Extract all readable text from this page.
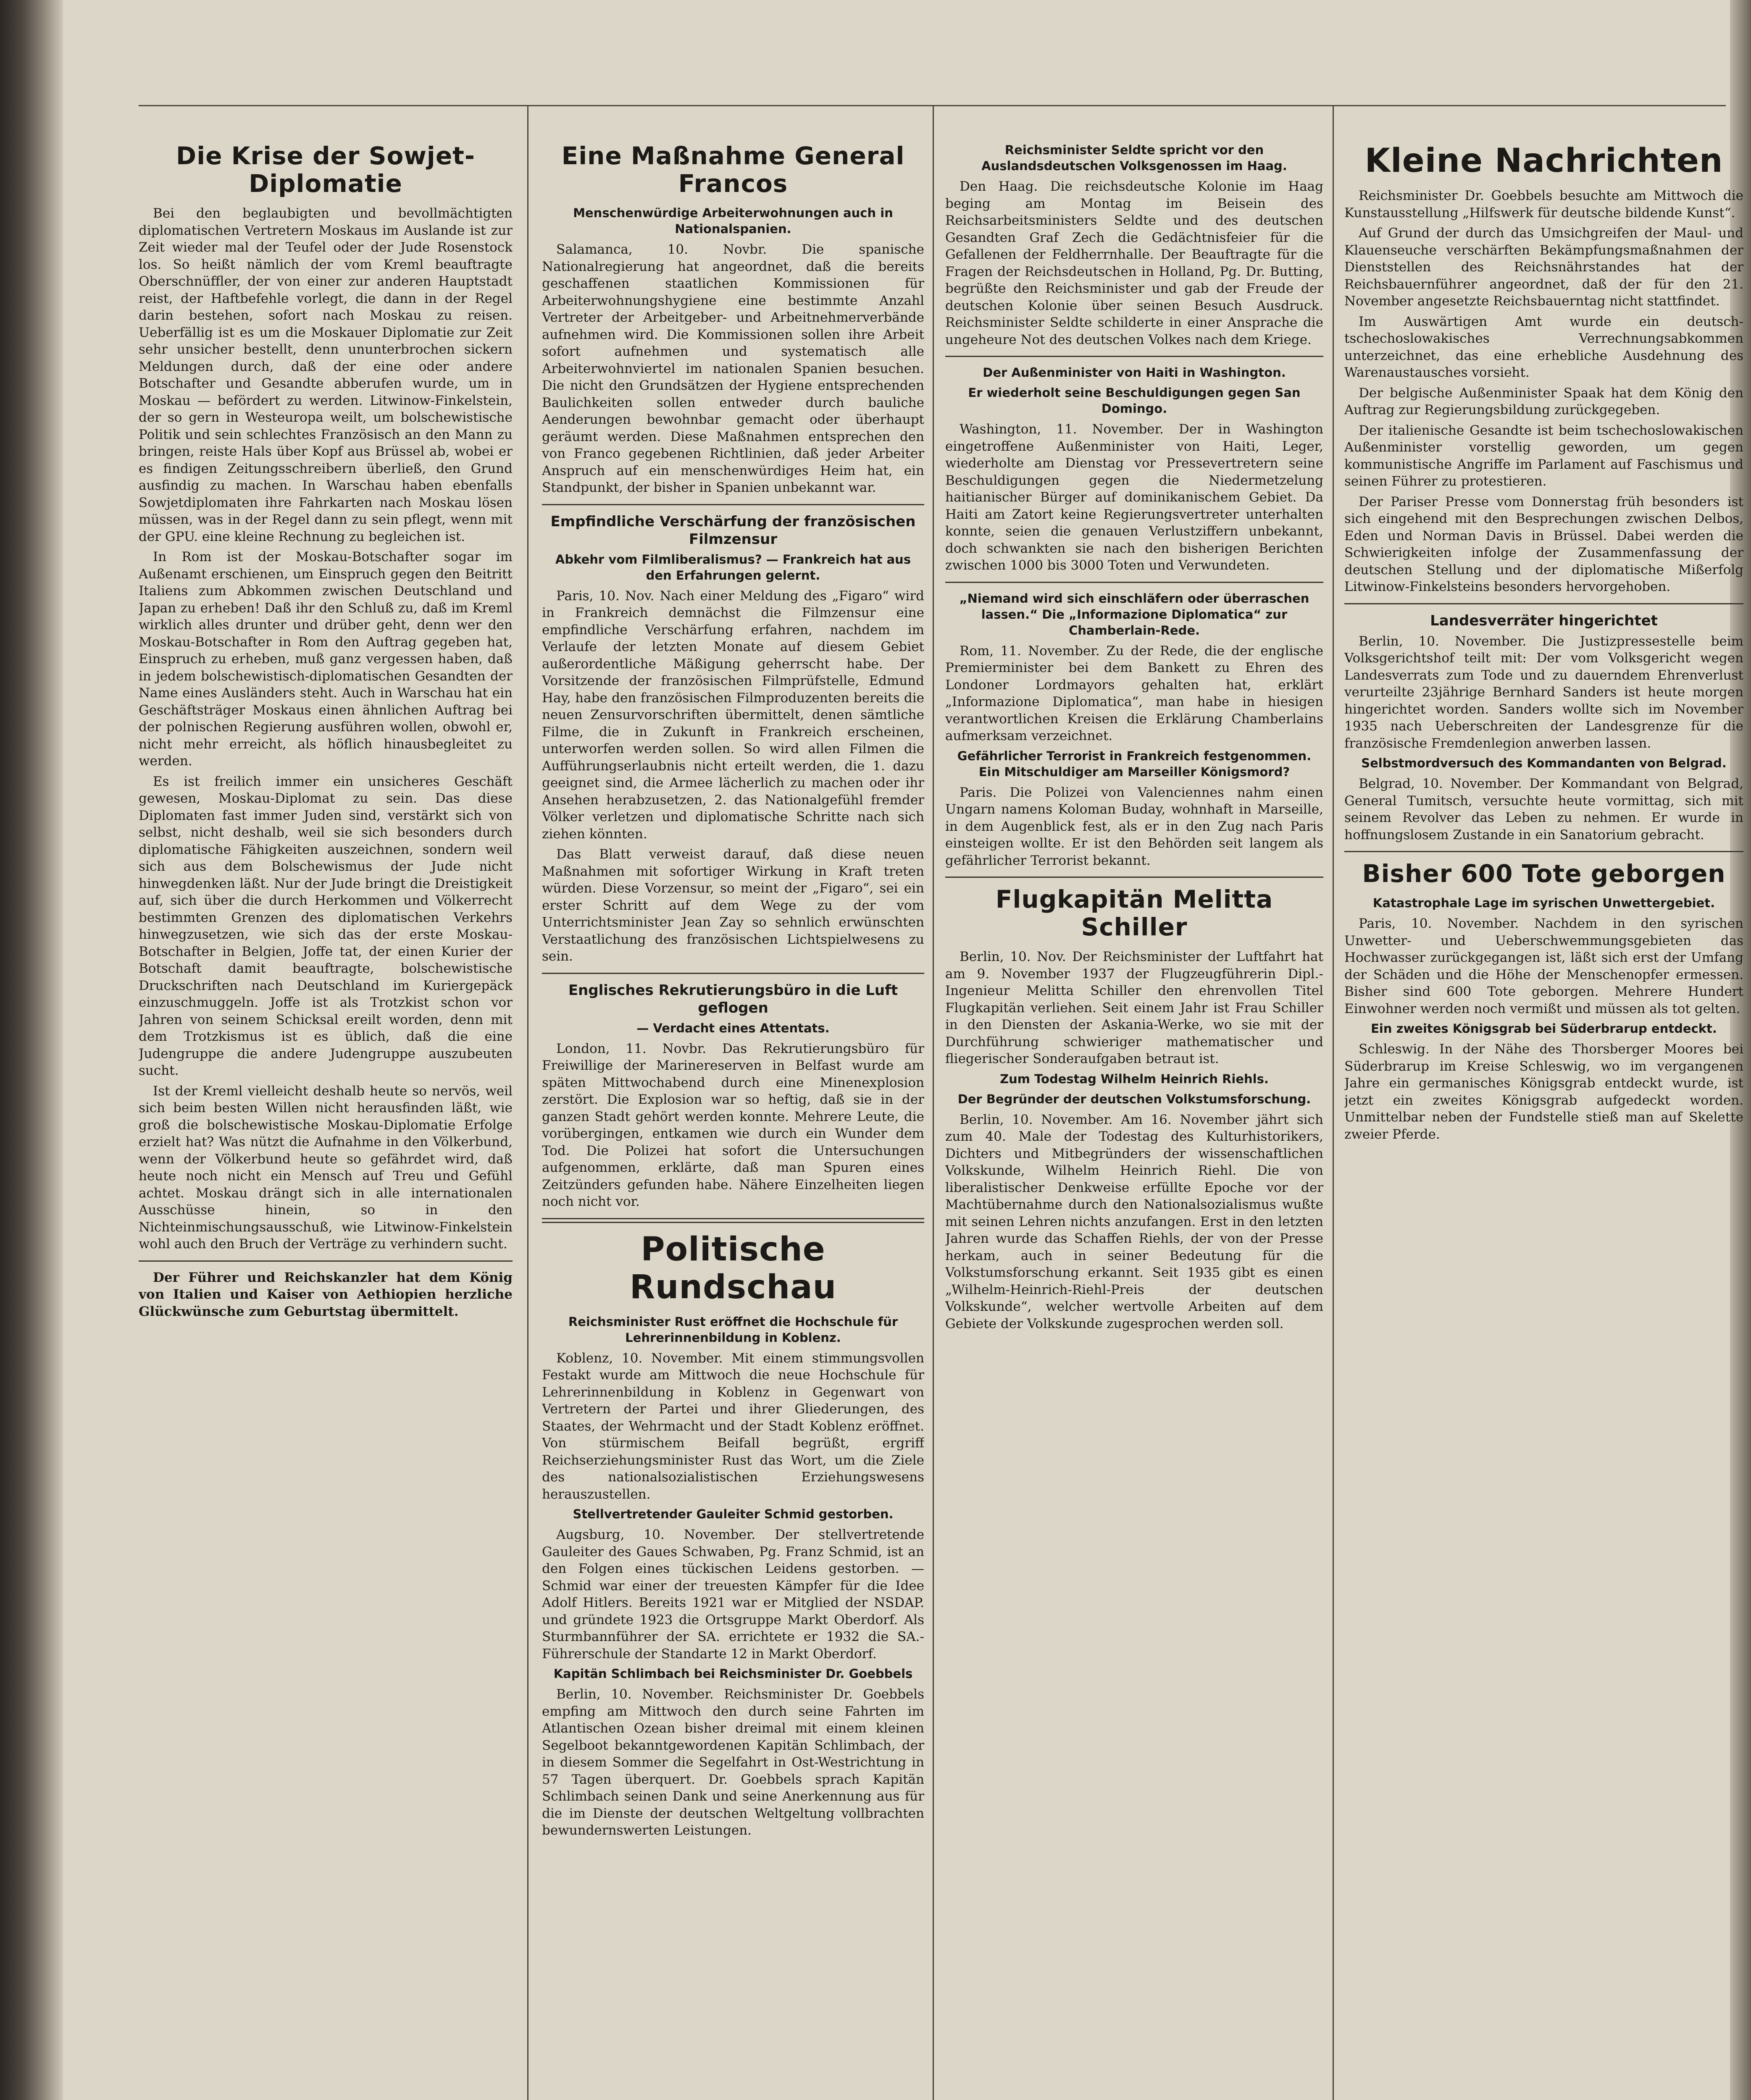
Die Krise der Sowjet-Diplomatie

Bei den beglaubigten und bevollmächtigten diplomatischen Vertretern Moskaus im Auslande ist zur Zeit wieder mal der Teufel oder der Jude Rosenstock los. So heißt nämlich der vom Kreml beauftragte Oberschnüffler, der von einer zur anderen Hauptstadt reist, der Haftbefehle vorlegt, die dann in der Regel darin bestehen, sofort nach Moskau zu reisen. Ueberfällig ist es um die Moskauer Diplomatie zur Zeit sehr unsicher bestellt, denn ununterbrochen sickern Meldungen durch, daß der eine oder andere Botschafter und Gesandte abberufen wurde, um in Moskau — befördert zu werden. Litwinow-Finkelstein, der so gern in Westeuropa weilt, um bolschewistische Politik und sein schlechtes Französisch an den Mann zu bringen, reiste Hals über Kopf aus Brüssel ab, wobei er es findigen Zeitungsschreibern überließ, den Grund ausfindig zu machen. In Warschau haben ebenfalls Sowjetdiplomaten ihre Fahrkarten nach Moskau lösen müssen, was in der Regel dann zu sein pflegt, wenn mit der GPU. eine kleine Rechnung zu begleichen ist.

In Rom ist der Moskau-Botschafter sogar im Außenamt erschienen, um Einspruch gegen den Beitritt Italiens zum Abkommen zwischen Deutschland und Japan zu erheben! Daß ihr den Schluß zu, daß im Kreml wirklich alles drunter und drüber geht, denn wer den Moskau-Botschafter in Rom den Auftrag gegeben hat, Einspruch zu erheben, muß ganz vergessen haben, daß in jedem bolschewistisch-diplomatischen Gesandten der Name eines Ausländers steht. Auch in Warschau hat ein Geschäftsträger Moskaus einen ähnlichen Auftrag bei der polnischen Regierung ausführen wollen, obwohl er, nicht mehr erreicht, als höflich hinausbegleitet zu werden.

Es ist freilich immer ein unsicheres Geschäft gewesen, Moskau-Diplomat zu sein. Das diese Diplomaten fast immer Juden sind, verstärkt sich von selbst, nicht deshalb, weil sie sich besonders durch diplomatische Fähigkeiten auszeichnen, sondern weil sich aus dem Bolschewismus der Jude nicht hinwegdenken läßt. Nur der Jude bringt die Dreistigkeit auf, sich über die durch Herkommen und Völkerrecht bestimmten Grenzen des diplomatischen Verkehrs hinwegzusetzen, wie sich das der erste Moskau-Botschafter in Belgien, Joffe tat, der einen Kurier der Botschaft damit beauftragte, bolschewistische Druckschriften nach Deutschland im Kuriergepäck einzuschmuggeln. Joffe ist als Trotzkist schon vor Jahren von seinem Schicksal ereilt worden, denn mit dem Trotzkismus ist es üblich, daß die eine Judengruppe die andere Judengruppe auszubeuten sucht.

Ist der Kreml vielleicht deshalb heute so nervös, weil sich beim besten Willen nicht herausfinden läßt, wie groß die bolschewistische Moskau-Diplomatie Erfolge erzielt hat? Was nützt die Aufnahme in den Völkerbund, wenn der Völkerbund heute so gefährdet wird, daß heute noch nicht ein Mensch auf Treu und Gefühl achtet. Moskau drängt sich in alle internationalen Ausschüsse hinein, so in den Nichteinmischungsausschuß, wie Litwinow-Finkelstein wohl auch den Bruch der Verträge zu verhindern sucht.

Der Führer und Reichskanzler hat dem König von Italien und Kaiser von Aethiopien herzliche Glückwünsche zum Geburtstag übermittelt.

Eine Maßnahme General Francos
Menschenwürdige Arbeiterwohnungen auch in Nationalspanien.

Salamanca, 10. Novbr. Die spanische Nationalregierung hat angeordnet, daß die bereits geschaffenen staatlichen Kommissionen für Arbeiterwohnungshygiene eine bestimmte Anzahl Vertreter der Arbeitgeber- und Arbeitnehmerverbände aufnehmen wird. Die Kommissionen sollen ihre Arbeit sofort aufnehmen und systematisch alle Arbeiterwohnviertel im nationalen Spanien besuchen. Die nicht den Grundsätzen der Hygiene entsprechenden Baulichkeiten sollen entweder durch bauliche Aenderungen bewohnbar gemacht oder überhaupt geräumt werden. Diese Maßnahmen entsprechen den von Franco gegebenen Richtlinien, daß jeder Arbeiter Anspruch auf ein menschenwürdiges Heim hat, ein Standpunkt, der bisher in Spanien unbekannt war.

Empfindliche Verschärfung der französischen Filmzensur
Abkehr vom Filmliberalismus? — Frankreich hat aus den Erfahrungen gelernt.

Paris, 10. Nov. Nach einer Meldung des „Figaro“ wird in Frankreich demnächst die Filmzensur eine empfindliche Verschärfung erfahren, nachdem im Verlaufe der letzten Monate auf diesem Gebiet außerordentliche Mäßigung geherrscht habe. Der Vorsitzende der französischen Filmprüfstelle, Edmund Hay, habe den französischen Filmproduzenten bereits die neuen Zensurvorschriften übermittelt, denen sämtliche Filme, die in Zukunft in Frankreich erscheinen, unterworfen werden sollen. So wird allen Filmen die Aufführungserlaubnis nicht erteilt werden, die 1. dazu geeignet sind, die Armee lächerlich zu machen oder ihr Ansehen herabzusetzen, 2. das Nationalgefühl fremder Völker verletzen und diplomatische Schritte nach sich ziehen könnten.

Das Blatt verweist darauf, daß diese neuen Maßnahmen mit sofortiger Wirkung in Kraft treten würden. Diese Vorzensur, so meint der „Figaro“, sei ein erster Schritt auf dem Wege zu der vom Unterrichtsminister Jean Zay so sehnlich erwünschten Verstaatlichung des französischen Lichtspielwesens zu sein.

Englisches Rekrutierungsbüro in die Luft geflogen
— Verdacht eines Attentats.

London, 11. Novbr. Das Rekrutierungsbüro für Freiwillige der Marinereserven in Belfast wurde am späten Mittwochabend durch eine Minenexplosion zerstört. Die Explosion war so heftig, daß sie in der ganzen Stadt gehört werden konnte. Mehrere Leute, die vorübergingen, entkamen wie durch ein Wunder dem Tod. Die Polizei hat sofort die Untersuchungen aufgenommen, erklärte, daß man Spuren eines Zeitzünders gefunden habe. Nähere Einzelheiten liegen noch nicht vor.

Politische Rundschau
Reichsminister Rust eröffnet die Hochschule für Lehrerinnenbildung in Koblenz.

Koblenz, 10. November. Mit einem stimmungsvollen Festakt wurde am Mittwoch die neue Hochschule für Lehrerinnenbildung in Koblenz in Gegenwart von Vertretern der Partei und ihrer Gliederungen, des Staates, der Wehrmacht und der Stadt Koblenz eröffnet. Von stürmischem Beifall begrüßt, ergriff Reichserziehungsminister Rust das Wort, um die Ziele des nationalsozialistischen Erziehungswesens herauszustellen.

Stellvertretender Gauleiter Schmid gestorben.

Augsburg, 10. November. Der stellvertretende Gauleiter des Gaues Schwaben, Pg. Franz Schmid, ist an den Folgen eines tückischen Leidens gestorben. — Schmid war einer der treuesten Kämpfer für die Idee Adolf Hitlers. Bereits 1921 war er Mitglied der NSDAP. und gründete 1923 die Ortsgruppe Markt Oberdorf. Als Sturmbannführer der SA. errichtete er 1932 die SA.-Führerschule der Standarte 12 in Markt Oberdorf.

Kapitän Schlimbach bei Reichsminister Dr. Goebbels

Berlin, 10. November. Reichsminister Dr. Goebbels empfing am Mittwoch den durch seine Fahrten im Atlantischen Ozean bisher dreimal mit einem kleinen Segelboot bekanntgewordenen Kapitän Schlimbach, der in diesem Sommer die Segelfahrt in Ost-Westrichtung in 57 Tagen überquert. Dr. Goebbels sprach Kapitän Schlimbach seinen Dank und seine Anerkennung aus für die im Dienste der deutschen Weltgeltung vollbrachten bewundernswerten Leistungen.

Reichsminister Seldte spricht vor den Auslandsdeutschen Volksgenossen im Haag.

Den Haag. Die reichsdeutsche Kolonie im Haag beging am Montag im Beisein des Reichsarbeitsministers Seldte und des deutschen Gesandten Graf Zech die Gedächtnisfeier für die Gefallenen der Feldherrnhalle. Der Beauftragte für die Fragen der Reichsdeutschen in Holland, Pg. Dr. Butting, begrüßte den Reichsminister und gab der Freude der deutschen Kolonie über seinen Besuch Ausdruck. Reichsminister Seldte schilderte in einer Ansprache die ungeheure Not des deutschen Volkes nach dem Kriege.

Der Außenminister von Haiti in Washington.
Er wiederholt seine Beschuldigungen gegen San Domingo.

Washington, 11. November. Der in Washington eingetroffene Außenminister von Haiti, Leger, wiederholte am Dienstag vor Pressevertretern seine Beschuldigungen gegen die Niedermetzelung haitianischer Bürger auf dominikanischem Gebiet. Da Haiti am Zatort keine Regierungsvertreter unterhalten konnte, seien die genauen Verlustziffern unbekannt, doch schwankten sie nach den bisherigen Berichten zwischen 1000 bis 3000 Toten und Verwundeten.

„Niemand wird sich einschläfern oder überraschen lassen.“ Die „Informazione Diplomatica“ zur Chamberlain-Rede.

Rom, 11. November. Zu der Rede, die der englische Premierminister bei dem Bankett zu Ehren des Londoner Lordmayors gehalten hat, erklärt „Informazione Diplomatica“, man habe in hiesigen verantwortlichen Kreisen die Erklärung Chamberlains aufmerksam verzeichnet.

Gefährlicher Terrorist in Frankreich festgenommen. Ein Mitschuldiger am Marseiller Königsmord?

Paris. Die Polizei von Valenciennes nahm einen Ungarn namens Koloman Buday, wohnhaft in Marseille, in dem Augenblick fest, als er in den Zug nach Paris einsteigen wollte. Er ist den Behörden seit langem als gefährlicher Terrorist bekannt.

Flugkapitän Melitta Schiller

Berlin, 10. Nov. Der Reichsminister der Luftfahrt hat am 9. November 1937 der Flugzeugführerin Dipl.-Ingenieur Melitta Schiller den ehrenvollen Titel Flugkapitän verliehen. Seit einem Jahr ist Frau Schiller in den Diensten der Askania-Werke, wo sie mit der Durchführung schwieriger mathematischer und fliegerischer Sonderaufgaben betraut ist.

Zum Todestag Wilhelm Heinrich Riehls.
Der Begründer der deutschen Volkstumsforschung.

Berlin, 10. November. Am 16. November jährt sich zum 40. Male der Todestag des Kulturhistorikers, Dichters und Mitbegründers der wissenschaftlichen Volkskunde, Wilhelm Heinrich Riehl. Die von liberalistischer Denkweise erfüllte Epoche vor der Machtübernahme durch den Nationalsozialismus wußte mit seinen Lehren nichts anzufangen. Erst in den letzten Jahren wurde das Schaffen Riehls, der von der Presse herkam, auch in seiner Bedeutung für die Volkstumsforschung erkannt. Seit 1935 gibt es einen „Wilhelm-Heinrich-Riehl-Preis der deutschen Volkskunde“, welcher wertvolle Arbeiten auf dem Gebiete der Volkskunde zugesprochen werden soll.

Kleine Nachrichten

Reichsminister Dr. Goebbels besuchte am Mittwoch die Kunstausstellung „Hilfswerk für deutsche bildende Kunst“.

Auf Grund der durch das Umsichgreifen der Maul- und Klauenseuche verschärften Bekämpfungsmaßnahmen der Dienststellen des Reichsnährstandes hat der Reichsbauernführer angeordnet, daß der für den 21. November angesetzte Reichsbauerntag nicht stattfindet.

Im Auswärtigen Amt wurde ein deutsch-tschechoslowakisches Verrechnungsabkommen unterzeichnet, das eine erhebliche Ausdehnung des Warenaustausches vorsieht.

Der belgische Außenminister Spaak hat dem König den Auftrag zur Regierungsbildung zurückgegeben.

Der italienische Gesandte ist beim tschechoslowakischen Außenminister vorstellig geworden, um gegen kommunistische Angriffe im Parlament auf Faschismus und seinen Führer zu protestieren.

Der Pariser Presse vom Donnerstag früh besonders ist sich eingehend mit den Besprechungen zwischen Delbos, Eden und Norman Davis in Brüssel. Dabei werden die Schwierigkeiten infolge der Zusammenfassung der deutschen Stellung und der diplomatische Mißerfolg Litwinow-Finkelsteins besonders hervorgehoben.

Landesverräter hingerichtet

Berlin, 10. November. Die Justizpressestelle beim Volksgerichtshof teilt mit: Der vom Volksgericht wegen Landesverrats zum Tode und zu dauerndem Ehrenverlust verurteilte 23jährige Bernhard Sanders ist heute morgen hingerichtet worden. Sanders wollte sich im November 1935 nach Ueberschreiten der Landesgrenze für die französische Fremdenlegion anwerben lassen.

Selbstmordversuch des Kommandanten von Belgrad.

Belgrad, 10. November. Der Kommandant von Belgrad, General Tumitsch, versuchte heute vormittag, sich mit seinem Revolver das Leben zu nehmen. Er wurde in hoffnungslosem Zustande in ein Sanatorium gebracht.

Bisher 600 Tote geborgen
Katastrophale Lage im syrischen Unwettergebiet.

Paris, 10. November. Nachdem in den syrischen Unwetter- und Ueberschwemmungsgebieten das Hochwasser zurückgegangen ist, läßt sich erst der Umfang der Schäden und die Höhe der Menschenopfer ermessen. Bisher sind 600 Tote geborgen. Mehrere Hundert Einwohner werden noch vermißt und müssen als tot gelten.

Ein zweites Königsgrab bei Süderbrarup entdeckt.

Schleswig. In der Nähe des Thorsberger Moores bei Süderbrarup im Kreise Schleswig, wo im vergangenen Jahre ein germanisches Königsgrab entdeckt wurde, ist jetzt ein zweites Königsgrab aufgedeckt worden. Unmittelbar neben der Fundstelle stieß man auf Skelette zweier Pferde.
